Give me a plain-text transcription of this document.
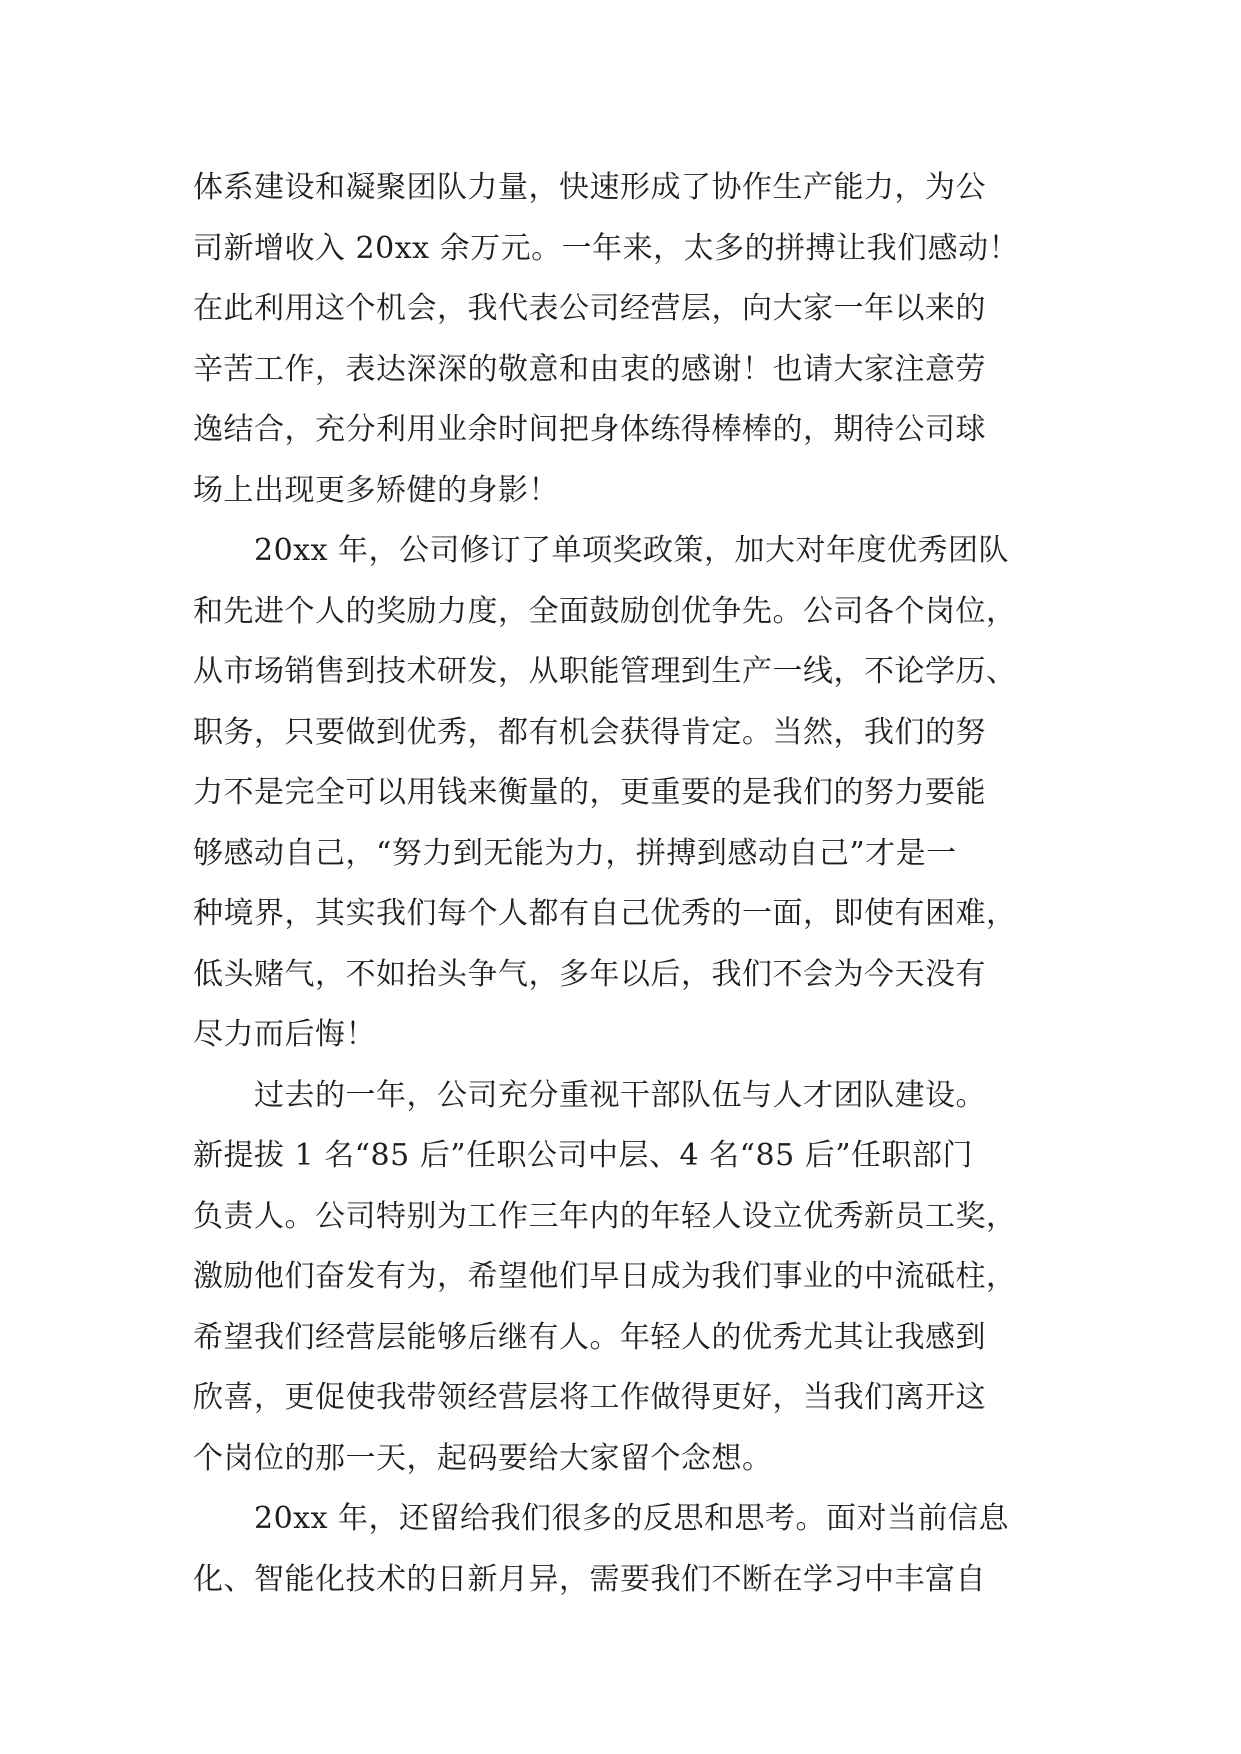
体系建设和凝聚团队力量，快速形成了协作生产能力，为公
司新增收入 20xx 余万元。一年来，太多的拼搏让我们感动！
在此利用这个机会，我代表公司经营层，向大家一年以来的
辛苦工作，表达深深的敬意和由衷的感谢！也请大家注意劳
逸结合，充分利用业余时间把身体练得棒棒的，期待公司球
场上出现更多矫健的身影！
20xx 年，公司修订了单项奖政策，加大对年度优秀团队
和先进个人的奖励力度，全面鼓励创优争先。公司各个岗位，
从市场销售到技术研发，从职能管理到生产一线，不论学历、
职务，只要做到优秀，都有机会获得肯定。当然，我们的努
力不是完全可以用钱来衡量的，更重要的是我们的努力要能
够感动自己，“努力到无能为力，拼搏到感动自己”才是一
种境界，其实我们每个人都有自己优秀的一面，即使有困难，
低头赌气，不如抬头争气，多年以后，我们不会为今天没有
尽力而后悔！
过去的一年，公司充分重视干部队伍与人才团队建设。
新提拔 1 名“85 后”任职公司中层、4 名“85 后”任职部门
负责人。公司特别为工作三年内的年轻人设立优秀新员工奖，
激励他们奋发有为，希望他们早日成为我们事业的中流砥柱，
希望我们经营层能够后继有人。年轻人的优秀尤其让我感到
欣喜，更促使我带领经营层将工作做得更好，当我们离开这
个岗位的那一天，起码要给大家留个念想。
20xx 年，还留给我们很多的反思和思考。面对当前信息
化、智能化技术的日新月异，需要我们不断在学习中丰富自
